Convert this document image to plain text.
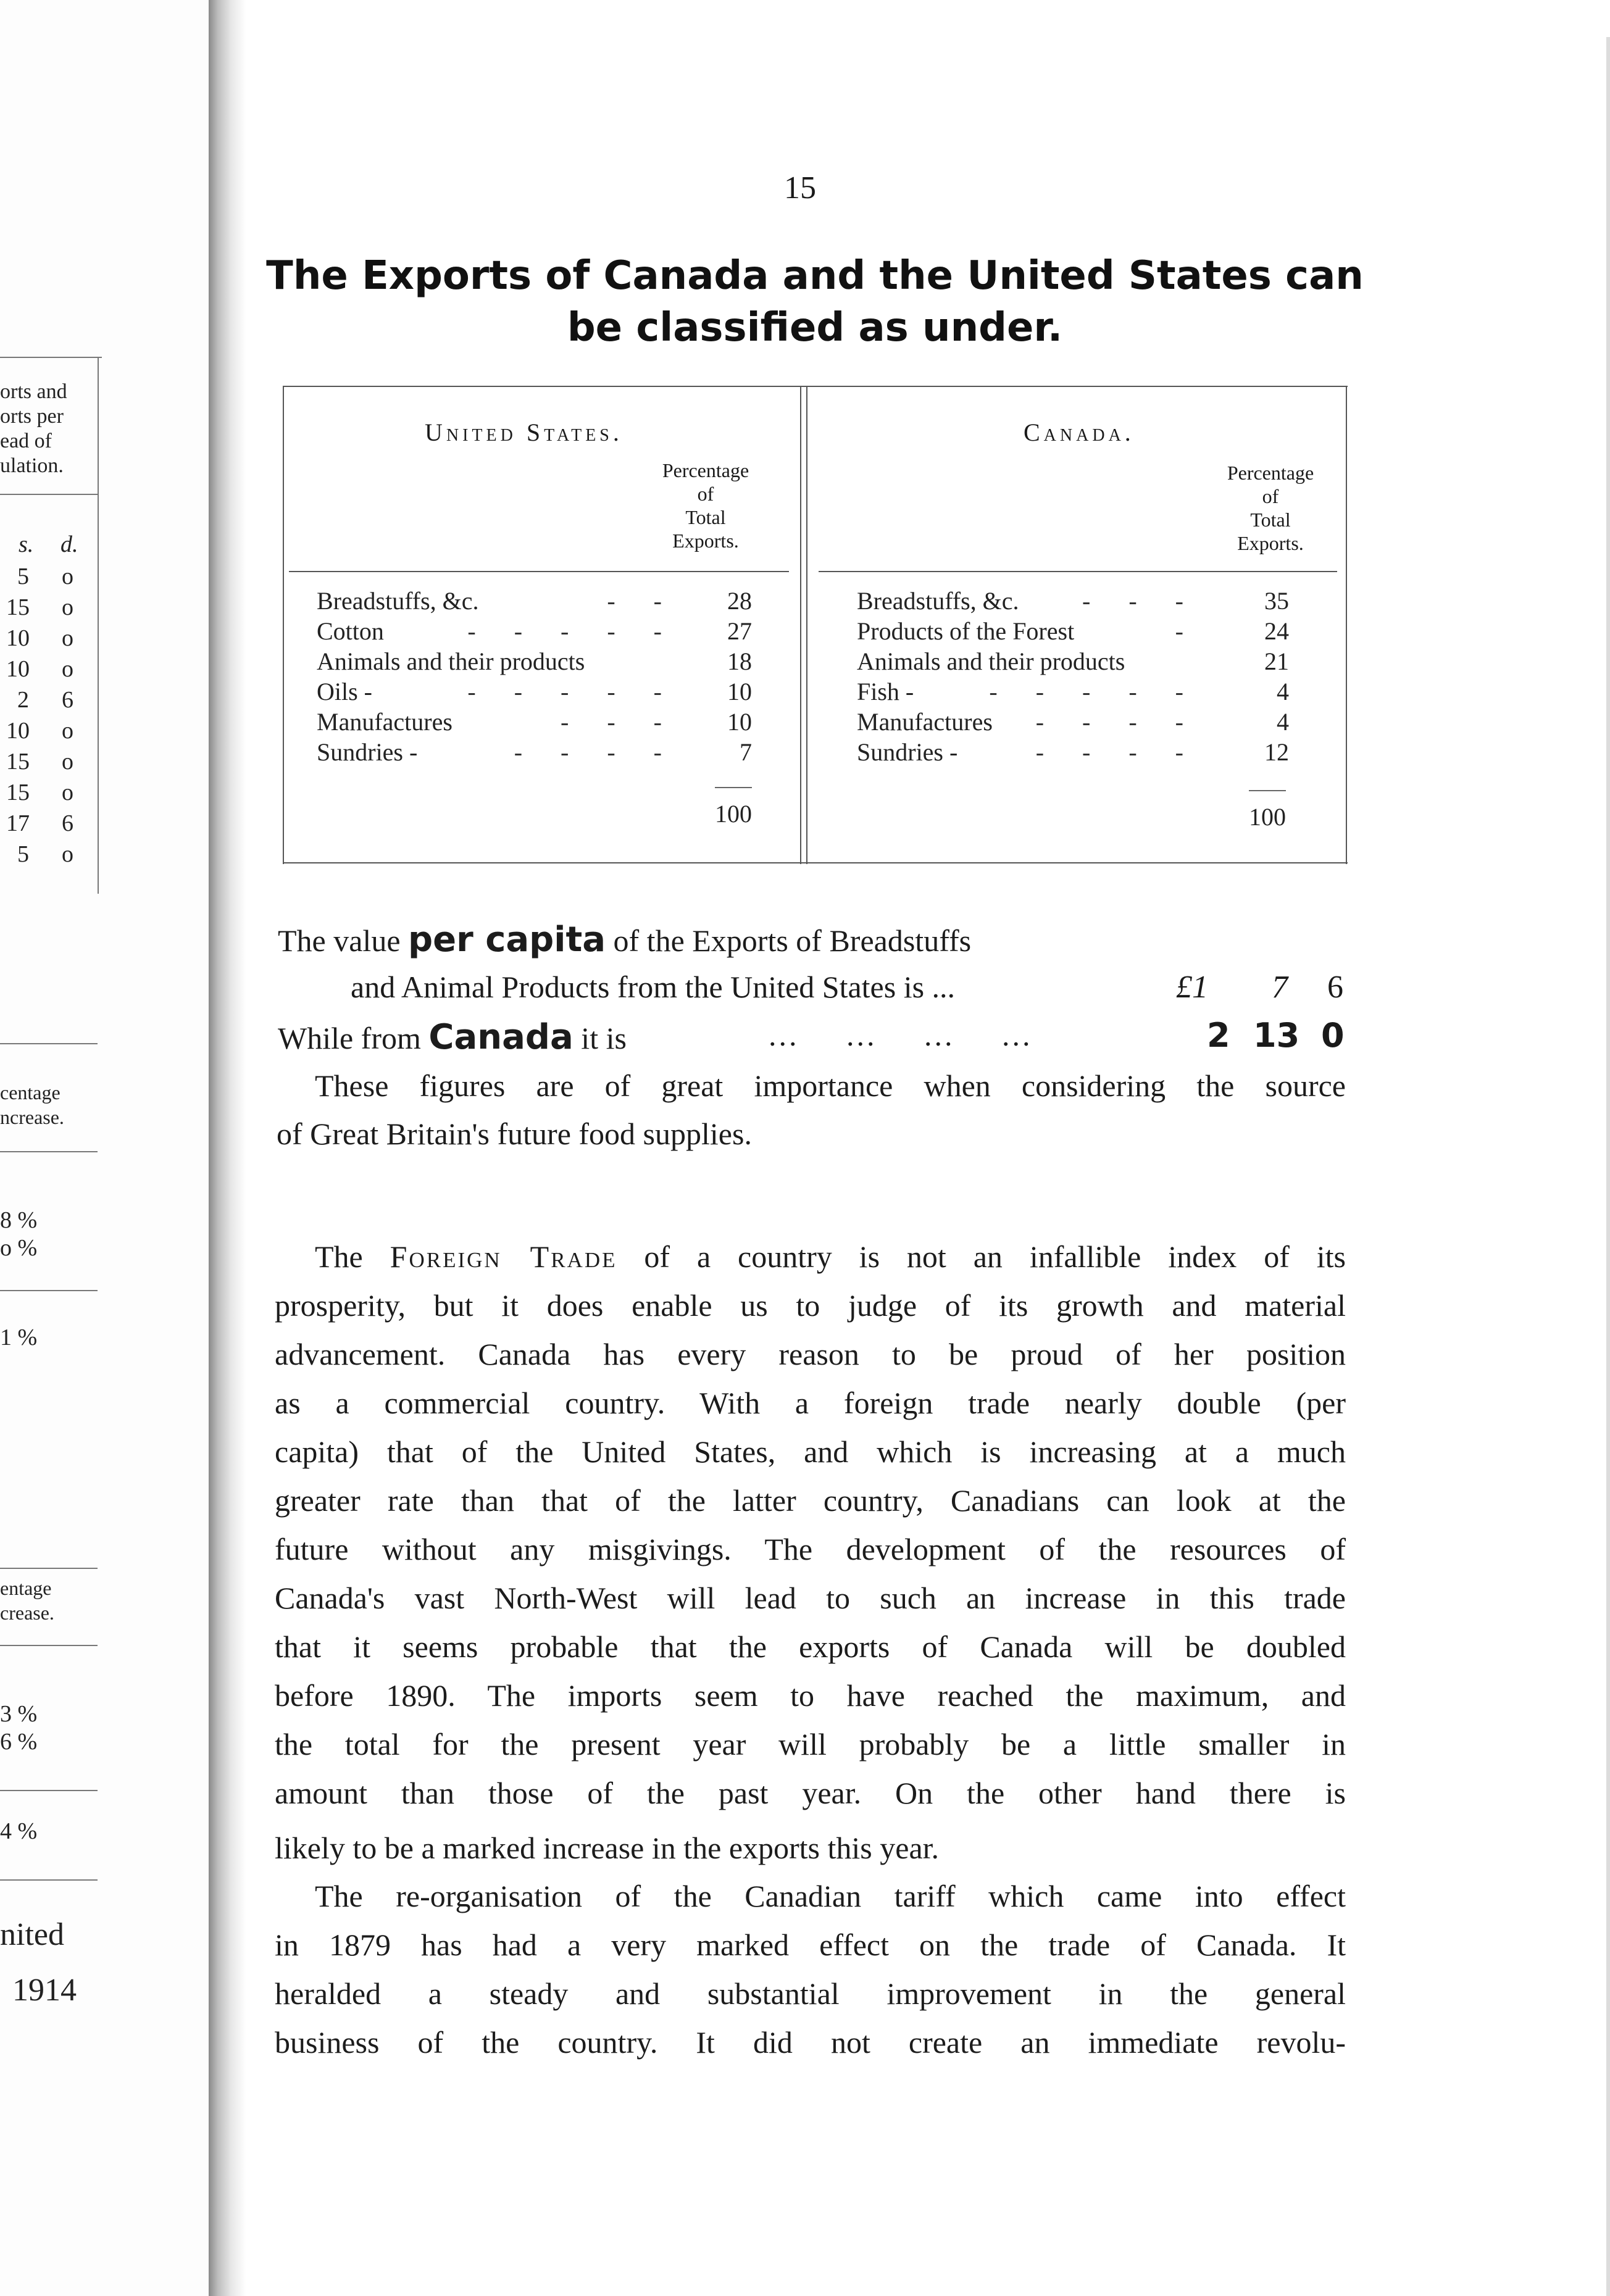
orts and
orts per
ead of
ulation.
s. d.
5 o
15 o
10 o
10 o
2 6
10 o
15 o
15 o
17 6
5 o
centage
ncrease.
8 %
o %
1 %
entage
crease.
3 %
6 %
4 %
nited
1914
15
The Exports of Canada and the United States can
be classified as under.
United States.
Percentage
of
Total
Exports.
Canada.
Percentage
of
Total
Exports.
Breadstuffs, &c.	- -	28
Cotton	- - - - -	27
Animals and their products	18
Oils -	- - - - -	10
Manufactures	- - -	10
Sundries -	- - - -	7
Breadstuffs, &c.	- - -	35
Products of the Forest	-	24
Animals and their products	21
Fish -	- - - - -	4
Manufactures - - - -	4
Sundries -	- - - -	12
100	100
The value per capita of the Exports of Breadstuffs
and Animal Products from the United States is ...	£1 7 6
While from Canada it is	... ... ... ...	2 13 0
These figures are of great importance when considering the source
of Great Britain's future food supplies.
The Foreign Trade of a country is not an infallible index of its
prosperity, but it does enable us to judge of its growth and material
advancement. Canada has every reason to be proud of her position
as a commercial country. With a foreign trade nearly double (per
capita) that of the United States, and which is increasing at a much
greater rate than that of the latter country, Canadians can look at the
future without any misgivings. The development of the resources of
Canada's vast North-West will lead to such an increase in this trade
that it seems probable that the exports of Canada will be doubled
before 1890. The imports seem to have reached the maximum, and
the total for the present year will probably be a little smaller in
amount than those of the past year. On the other hand there is
likely to be a marked increase in the exports this year.
The re-organisation of the Canadian tariff which came into effect
in 1879 has had a very marked effect on the trade of Canada. It
heralded a steady and substantial improvement in the general
business of the country. It did not create an immediate revolu-
